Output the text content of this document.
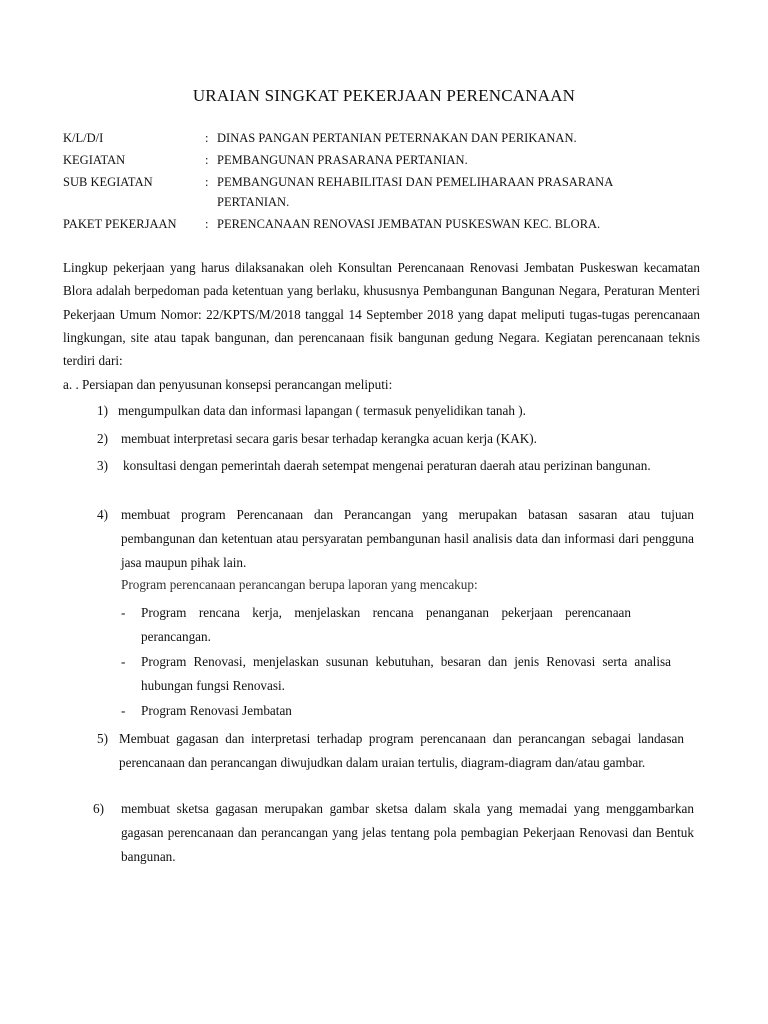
URAIAN SINGKAT PEKERJAAN PERENCANAAN
K/L/D/I	: DINAS PANGAN PERTANIAN PETERNAKAN DAN PERIKANAN.
KEGIATAN	: PEMBANGUNAN PRASARANA PERTANIAN.
SUB KEGIATAN	: PEMBANGUNAN REHABILITASI DAN PEMELIHARAAN PRASARANA PERTANIAN.
PAKET PEKERJAAN : PERENCANAAN RENOVASI JEMBATAN PUSKESWAN KEC. BLORA.
Lingkup pekerjaan yang harus dilaksanakan oleh Konsultan Perencanaan Renovasi Jembatan Puskeswan kecamatan Blora adalah berpedoman pada ketentuan yang berlaku, khususnya Pembangunan Bangunan Negara, Peraturan Menteri Pekerjaan Umum Nomor: 22/KPTS/M/2018 tanggal 14 September 2018 yang dapat meliputi tugas-tugas perencanaan lingkungan, site atau tapak bangunan, dan perencanaan fisik bangunan gedung Negara. Kegiatan perencanaan teknis terdiri dari:
a. . Persiapan dan penyusunan konsepsi perancangan meliputi:
1) mengumpulkan data dan informasi lapangan ( termasuk penyelidikan tanah ).
2) membuat interpretasi secara garis besar terhadap kerangka acuan kerja (KAK).
3) konsultasi dengan pemerintah daerah setempat mengenai peraturan daerah atau perizinan bangunan.
4) membuat program Perencanaan dan Perancangan yang merupakan batasan sasaran atau tujuan pembangunan dan ketentuan atau persyaratan pembangunan hasil analisis data dan informasi dari pengguna jasa maupun pihak lain.
Program perencanaan perancangan berupa laporan yang mencakup:
- Program rencana kerja, menjelaskan rencana penanganan pekerjaan perencanaan perancangan.
- Program Renovasi, menjelaskan susunan kebutuhan, besaran dan jenis Renovasi serta analisa hubungan fungsi Renovasi.
- Program Renovasi Jembatan
5) Membuat gagasan dan interpretasi terhadap program perencanaan dan perancangan sebagai landasan perencanaan dan perancangan diwujudkan dalam uraian tertulis, diagram-diagram dan/atau gambar.
6) membuat sketsa gagasan merupakan gambar sketsa dalam skala yang memadai yang menggambarkan gagasan perencanaan dan perancangan yang jelas tentang pola pembagian Pekerjaan Renovasi dan Bentuk bangunan.
